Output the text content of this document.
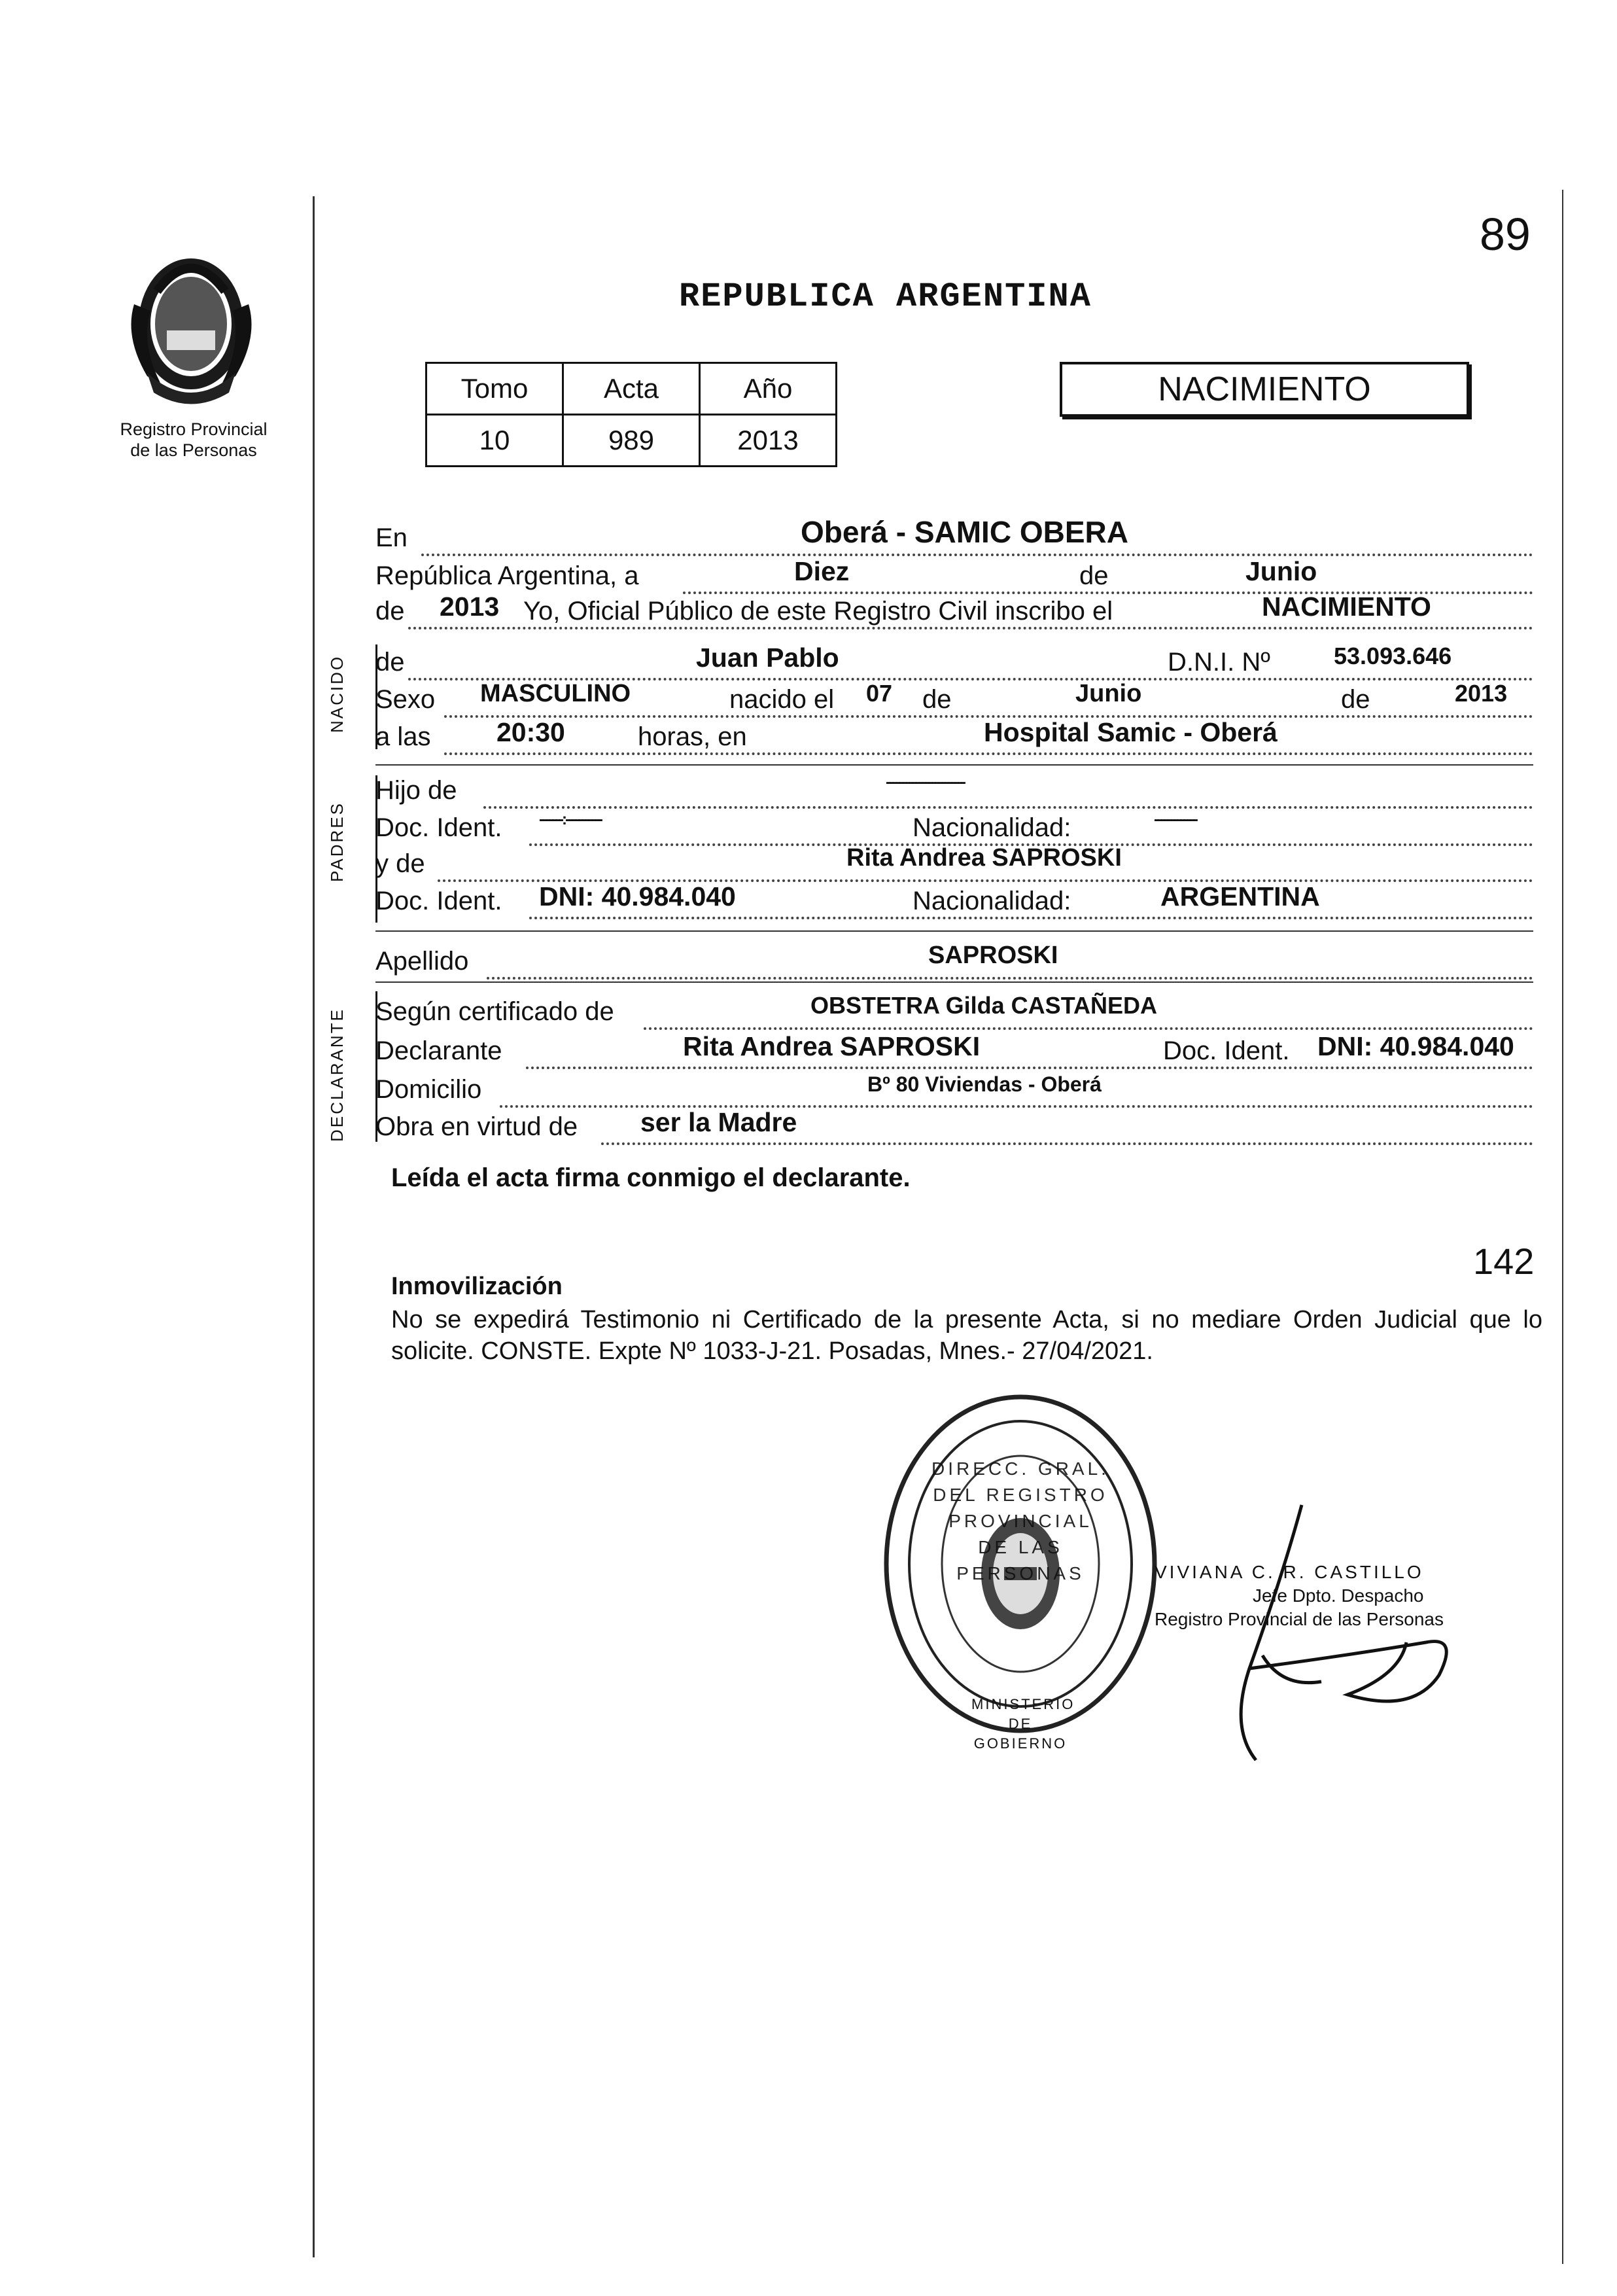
89
Registro Provincial
de las Personas
REPUBLICA ARGENTINA
Tomo	Acta	Año
10	989	2013
NACIMIENTO
En	Oberá - SAMIC OBERA
República Argentina, a	Diez	de	Junio
de 2013 Yo, Oficial Público de este Registro Civil inscribo el	NACIMIENTO
NACIDO de	Juan Pablo	D.N.I. Nº	53.093.646
Sexo MASCULINO	nacido el 07 de	Junio	de	2013
a las 20:30	horas, en	Hospital Samic - Oberá
PADRES
Hijo de	------------------------
Doc. Ident. -------:-----------	Nacionalidad:	-------------
y de	Rita Andrea SAPROSKI
Doc. Ident. DNI: 40.984.040	Nacionalidad:	ARGENTINA
Apellido	SAPROSKI
DECLARANTE Según certificado de	OBSTETRA Gilda CASTAÑEDA
Declarante	Rita Andrea SAPROSKI	Doc. Ident. DNI: 40.984.040
Domicilio	Bº 80 Viviendas - Oberá
Obra en virtud de ser la Madre
Leída el acta firma conmigo el declarante.
142
Inmovilización
No se expedirá Testimonio ni Certificado de la presente Acta, si no mediare Orden Judicial que lo solicite. CONSTE. Expte Nº 1033-J-21. Posadas, Mnes.- 27/04/2021.
DIRECC. GRAL. DEL REGISTRO PROVINCIAL DE LAS PERSONAS
MINISTERIO DE GOBIERNO
VIVIANA C. R. CASTILLO
Jefe Dpto. Despacho
Registro Provincial de las Personas
